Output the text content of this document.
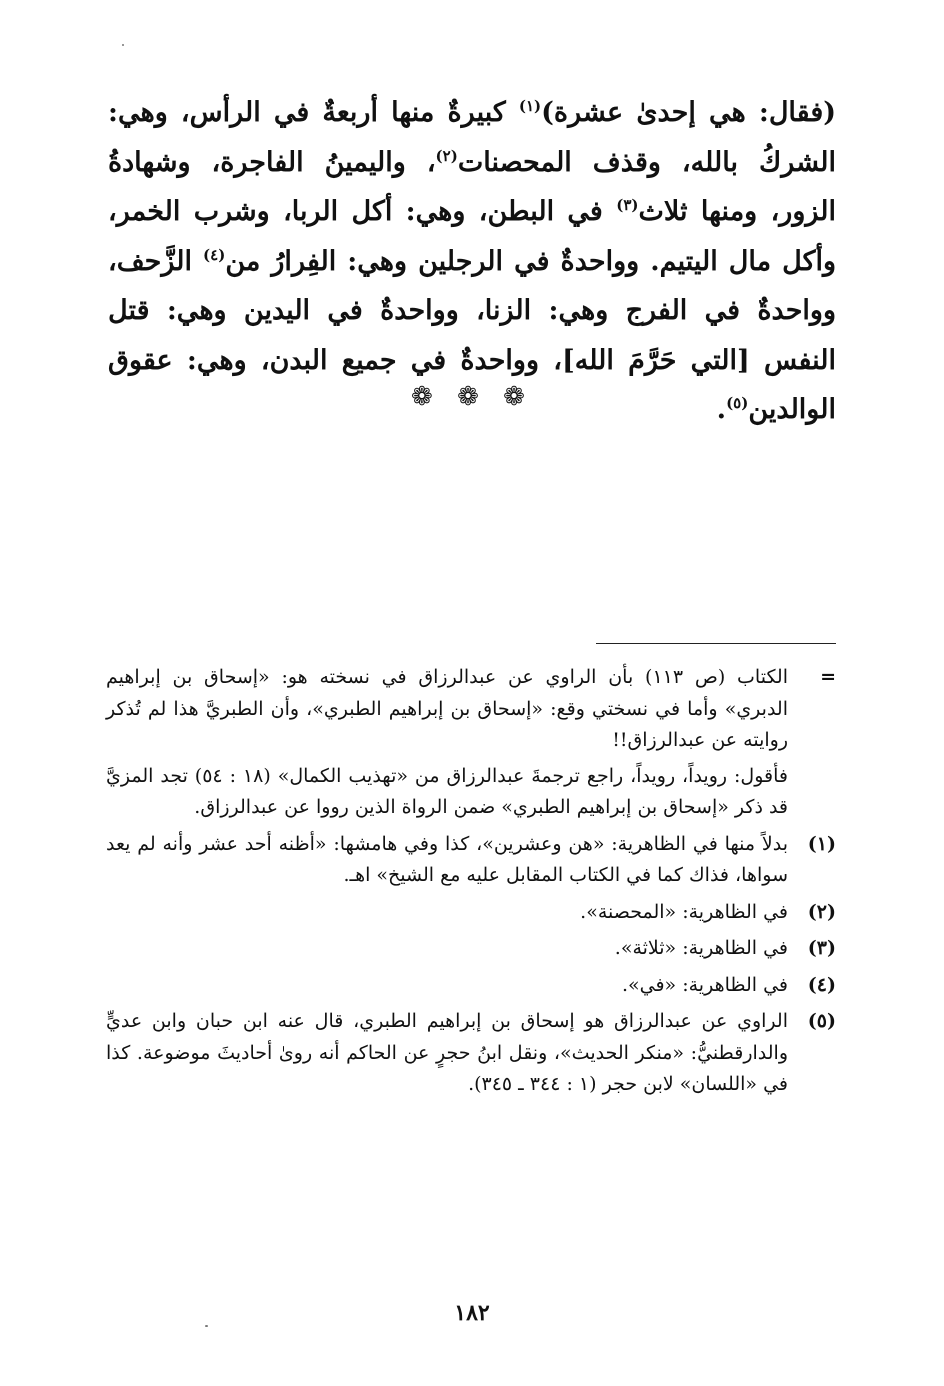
(فقال: هي إحدىٰ عشرة)$^{(١)}$ كبيرةٌ منها أربعةٌ في الرأس، وهي: الشركُ بالله، وقذف المحصنات$^{(٢)}$، واليمينُ الفاجرة، وشهادةُ الزور، ومنها ثلاث$^{(٣)}$ في البطن، وهي: أكل الربا، وشرب الخمر، وأكل مال اليتيم. وواحدةٌ في الرجلين وهي: الفِرارُ من$^{(٤)}$ الزَّحف، وواحدةٌ في الفرج وهي: الزنا، وواحدةٌ في اليدين وهي: قتل النفس [التي حَرَّمَ الله]، وواحدةٌ في جميع البدن، وهي: عقوق الوالدين$^{(٥)}$.
❁ ❁ ❁
=

الكتاب (ص ١١٣) بأن الراوي عن عبدالرزاق في نسخته هو: «إسحاق بن إبراهيم الدبري» وأما في نسختي وقع: «إسحاق بن إبراهيم الطبري»، وأن الطبريَّ هذا لم تُذكر روايته عن عبدالرزاق!!

فأقول: رويداً، رويداً، راجع ترجمةَ عبدالرزاق من «تهذيب الكمال» (١٨ : ٥٤) تجد المزيَّ قد ذكر «إسحاق بن إبراهيم الطبري» ضمن الرواة الذين رووا عن عبدالرزاق.

(١)
بدلاً منها في الظاهرية: «هن وعشرين»، كذا وفي هامشها: «أظنه أحد عشر وأنه لم يعد سواها، فذاك كما في الكتاب المقابل عليه مع الشيخ» اهـ.
(٢)
في الظاهرية: «المحصنة».
(٣)
في الظاهرية: «ثلاثة».
(٤)
في الظاهرية: «في».
(٥)
الراوي عن عبدالرزاق هو إسحاق بن إبراهيم الطبري، قال عنه ابن حبان وابن عديٍّ والدارقطنيُّ: «منكر الحديث»، ونقل ابنُ حجرٍ عن الحاكم أنه روىٰ أحاديثَ موضوعة. كذا في «اللسان» لابن حجر (١ : ٣٤٤ ـ ٣٤٥).
١٨٢
